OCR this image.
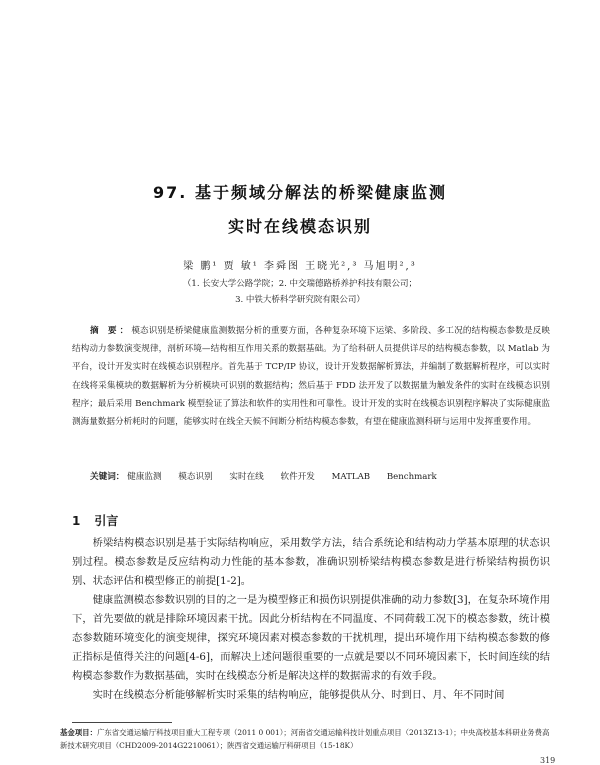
97. 基于频域分解法的桥梁健康监测
实时在线模态识别
梁 鹏¹ 贾 敏¹ 李舜图 王晓光²,³ 马旭明²,³
（1. 长安大学公路学院；2. 中交瑞德路桥养护科技有限公司；
3. 中铁大桥科学研究院有限公司）
摘 要：模态识别是桥梁健康监测数据分析的重要方面，各种复杂环境下运梁、多阶段、多工况的结构模态参数是反映结构动力参数演变规律，剖析环境—结构相互作用关系的数据基础。为了给科研人员提供详尽的结构模态参数，以 Matlab 为平台，设计开发实时在线模态识别程序。首先基于 TCP/IP 协议，设计开发数据解析算法，并编制了数据解析程序，可以实时在线将采集模块的数据解析为分析模块可识别的数据结构；然后基于 FDD 法开发了以数据量为触发条件的实时在线模态识别程序；最后采用 Benchmark 模型验证了算法和软件的实用性和可靠性。设计开发的实时在线模态识别程序解决了实际健康监测海量数据分析耗时的问题，能够实时在线全天候不间断分析结构模态参数，有望在健康监测科研与运用中发挥重要作用。
关键词： 健康监测 模态识别 实时在线 软件开发 MATLAB Benchmark
1 引言

桥梁结构模态识别是基于实际结构响应，采用数学方法，结合系统论和结构动力学基本原理的状态识别过程。模态参数是反应结构动力性能的基本参数，准确识别桥梁结构模态参数是进行桥梁结构损伤识别、状态评估和模型修正的前提[1-2]。

健康监测模态参数识别的目的之一是为模型修正和损伤识别提供准确的动力参数[3]，在复杂环境作用下，首先要做的就是排除环境因素干扰。因此分析结构在不同温度、不同荷载工况下的模态参数，统计模态参数随环境变化的演变规律，探究环境因素对模态参数的干扰机理，提出环境作用下结构模态参数的修正指标是值得关注的问题[4-6]，而解决上述问题很重要的一点就是要以不同环境因素下，长时间连续的结构模态参数作为数据基础，实时在线模态分析是解决这样的数据需求的有效手段。

实时在线模态分析能够解析实时采集的结构响应，能够提供从分、时到日、月、年不同时间

基金项目：广东省交通运输厅科技项目重大工程专项（2011 0 001）；河南省交通运输科技计划重点项目（2013Z13-1）；中央高校基本科研业务费高新技术研究项目（CHD2009-2014G2210061）；陕西省交通运输厅科研项目（15-18K）
319
